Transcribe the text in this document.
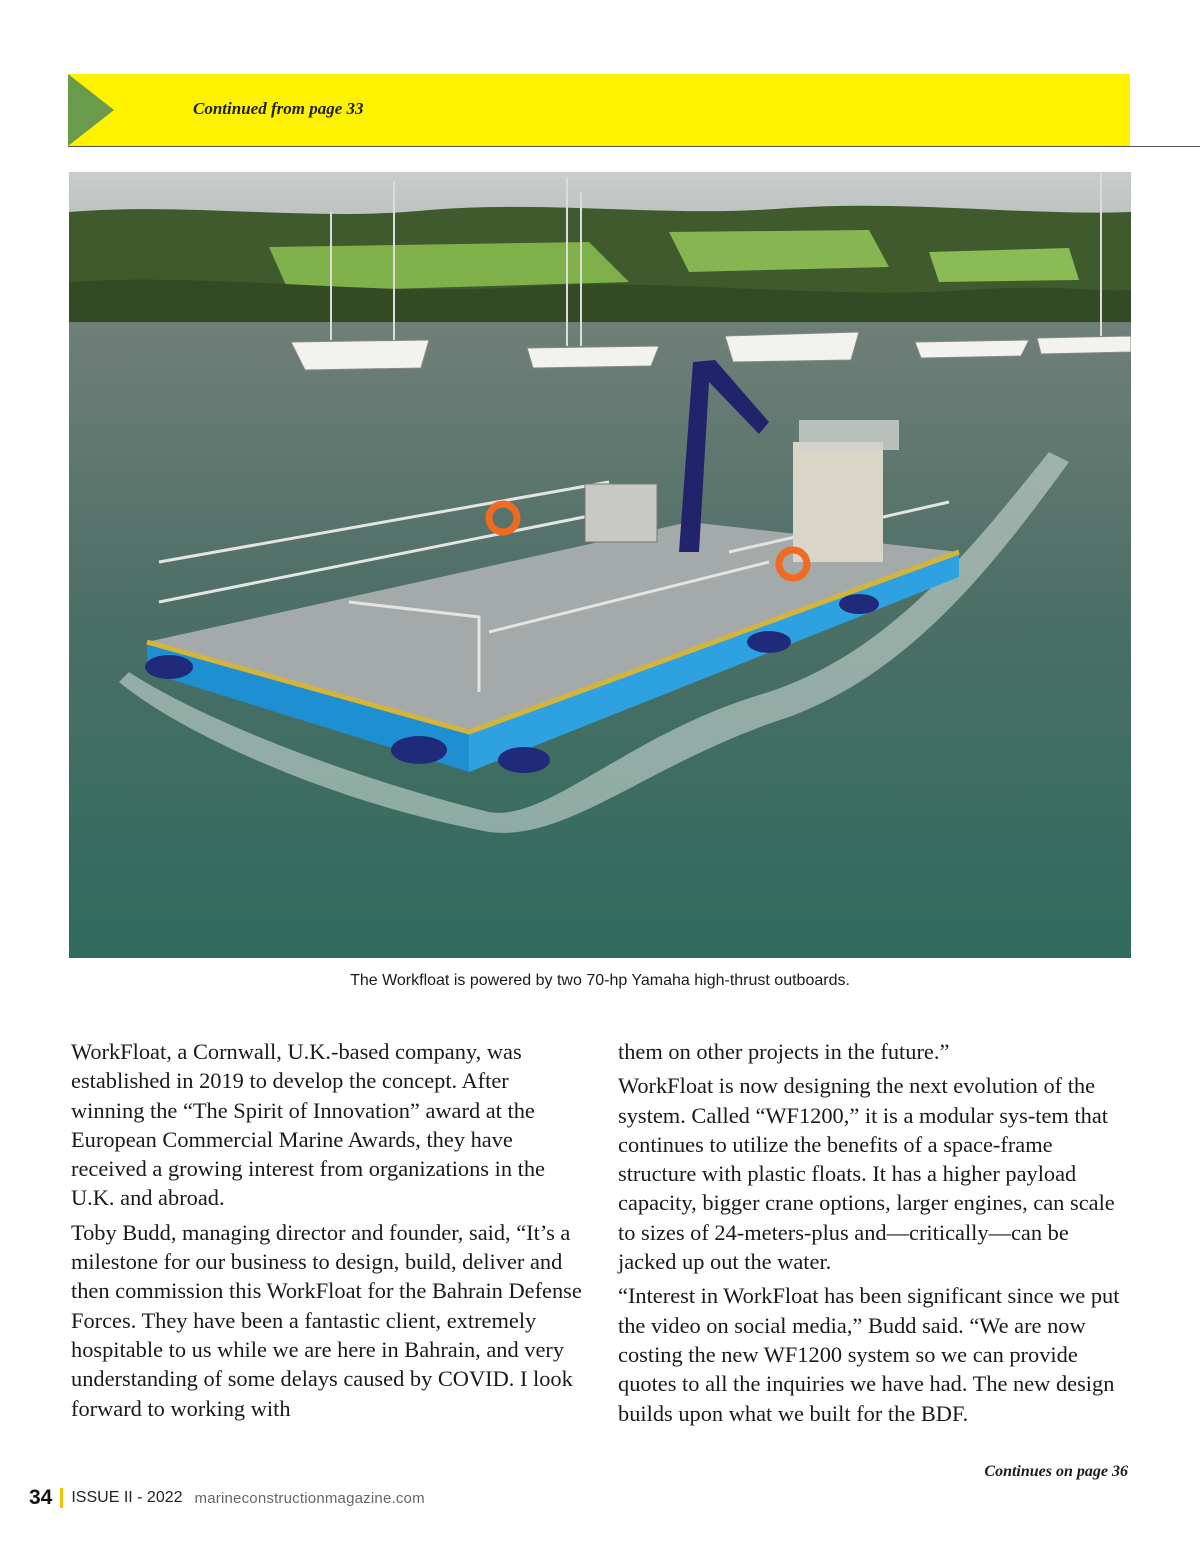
Continued from page 33
The Workfloat is powered by two 70-hp Yamaha high-thrust outboards.

WorkFloat, a Cornwall, U.K.-based company, was established in 2019 to develop the concept. After winning the “The Spirit of Innovation” award at the European Commercial Marine Awards, they have received a growing interest from organizations in the U.K. and abroad.

Toby Budd, managing director and founder, said, “It’s a milestone for our business to design, build, deliver and then commission this WorkFloat for the Bahrain Defense Forces. They have been a fantastic client, extremely hospitable to us while we are here in Bahrain, and very understanding of some delays caused by COVID. I look forward to working with

them on other projects in the future.”

WorkFloat is now designing the next evolution of the system. Called “WF1200,” it is a modular sys-tem that continues to utilize the benefits of a space-frame structure with plastic floats. It has a higher payload capacity, bigger crane options, larger engines, can scale to sizes of 24-meters-plus and—critically—can be jacked up out the water.

“Interest in WorkFloat has been significant since we put the video on social media,” Budd said. “We are now costing the new WF1200 system so we can provide quotes to all the inquiries we have had. The new design builds upon what we built for the BDF.

Continues on page 36
34 ISSUE II - 2022 marineconstructionmagazine.com
